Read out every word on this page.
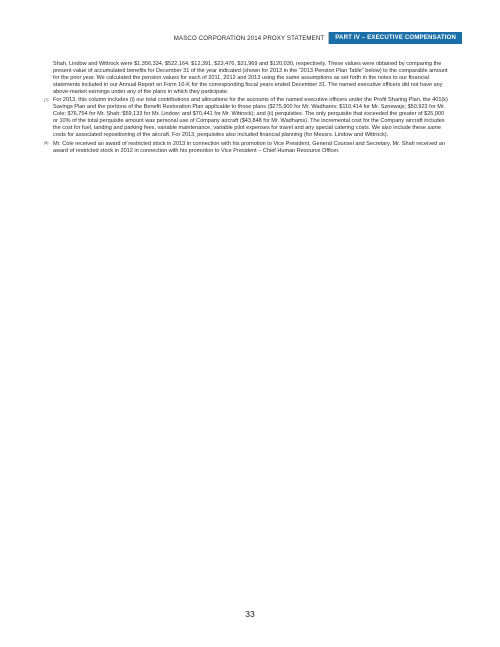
MASCO CORPORATION 2014 PROXY STATEMENT	PART IV – EXECUTIVE COMPENSATION

Shah, Lindow and Wittrock were $1,356,334, $522,164, $12,391, $23,476, $31,969 and $120,030, respectively. These values were obtained by comparing the present value of accumulated benefits for December 31 of the year indicated (shown for 2013 in the “2013 Pension Plan Table” below) to the comparable amount for the prior year. We calculated the pension values for each of 2011, 2012 and 2013 using the same assumptions as set forth in the notes to our financial statements included in our Annual Report on Form 10-K for the corresponding fiscal years ended December 31. The named executive officers did not have any above-market earnings under any of the plans in which they participate.

(7) For 2013, this column includes (i) our total contributions and allocations for the accounts of the named executive officers under the Profit Sharing Plan, the 401(k) Savings Plan and the portions of the Benefit Restoration Plan applicable to those plans ($275,900 for Mr. Wadhams; $110,414 for Mr. Sznewajs; $50,923 for Mr. Cole; $76,754 for Mr. Shah; $59,133 for Mr. Lindow; and $70,441 for Mr. Wittrock); and (ii) perquisites. The only perquisite that exceeded the greater of $25,000 or 10% of the total perquisite amount was personal use of Company aircraft ($43,848 for Mr. Wadhams). The incremental cost for the Company aircraft includes the cost for fuel, landing and parking fees, variable maintenance, variable pilot expenses for travel and any special catering costs. We also include these same costs for associated repositioning of the aircraft. For 2013, perquisites also included financial planning (for Messrs. Lindow and Wittrock).

(8) Mr. Cole received an award of restricted stock in 2013 in connection with his promotion to Vice President, General Counsel and Secretary. Mr. Shah received an award of restricted stock in 2012 in connection with his promotion to Vice President – Chief Human Resource Officer.

33
